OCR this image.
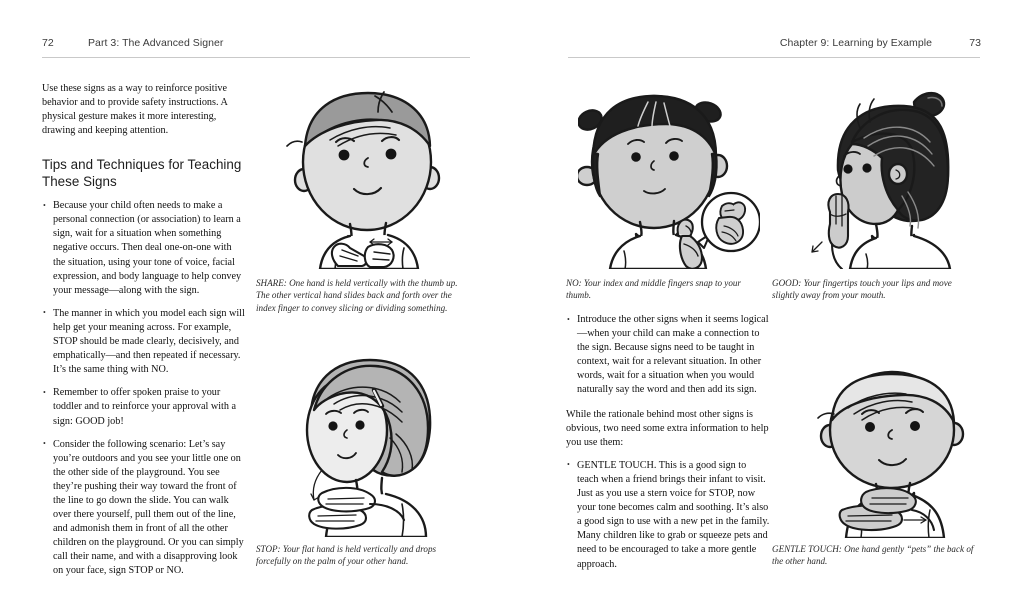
72	Part 3: The Advanced Signer

Use these signs as a way to reinforce positive behavior and to provide safety instructions. A physical gesture makes it more interesting, drawing and keeping attention.

Tips and Techniques for Teaching These Signs
• Because your child often needs to make a personal connection (or association) to learn a sign, wait for a situation when something negative occurs. Then deal one-on-one with the situation, using your tone of voice, facial expression, and body language to help convey your message—along with the sign.
• The manner in which you model each sign will help get your meaning across. For example, STOP should be made clearly, decisively, and emphatically—and then repeated if necessary. It’s the same thing with NO.
• Remember to offer spoken praise to your toddler and to reinforce your approval with a sign: GOOD job!
• Consider the following scenario: Let’s say you’re outdoors and you see your little one on the other side of the playground. You see they’re pushing their way toward the front of the line to go down the slide. You can walk over there yourself, pull them out of the line, and admonish them in front of all the other children on the playground. Or you can simply call their name, and with a disapproving look on your face, sign STOP or NO.
SHARE: One hand is held vertically with the thumb up. The other vertical hand slides back and forth over the index finger to convey slicing or dividing something.
STOP: Your flat hand is held vertically and drops forcefully on the palm of your other hand.
Chapter 9: Learning by Example	73
NO: Your index and middle fingers snap to your thumb.
GOOD: Your fingertips touch your lips and move slightly away from your mouth.
• Introduce the other signs when it seems logical—when your child can make a connection to the sign. Because signs need to be taught in context, wait for a relevant situation. In other words, wait for a situation when you would naturally say the word and then add its sign.

While the rationale behind most other signs is obvious, two need some extra information to help you use them:

• GENTLE TOUCH. This is a good sign to teach when a friend brings their infant to visit. Just as you use a stern voice for STOP, now your tone becomes calm and soothing. It’s also a good sign to use with a new pet in the family. Many children like to grab or squeeze pets and need to be encouraged to take a more gentle approach.
GENTLE TOUCH: One hand gently “pets” the back of the other hand.
